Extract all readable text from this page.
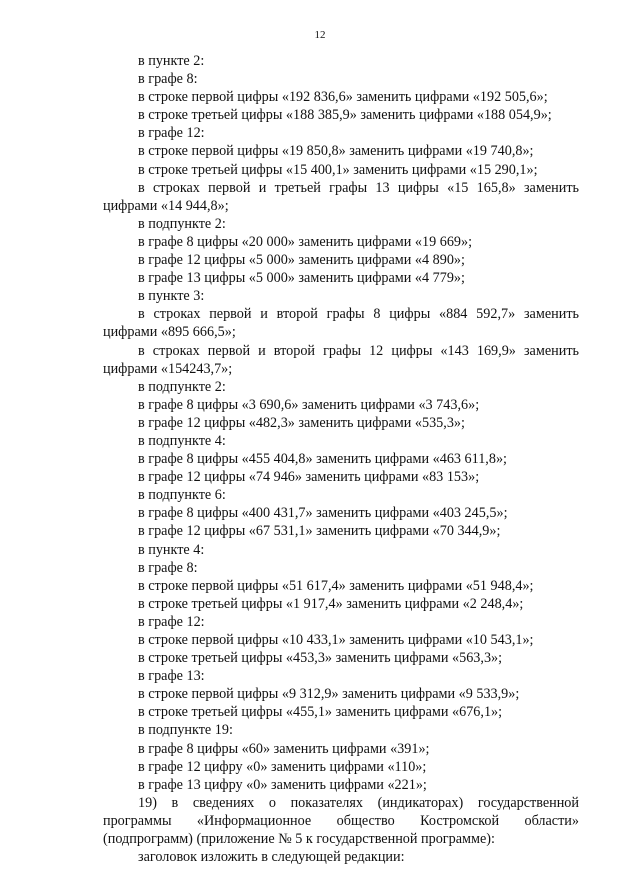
12
в пункте 2:
в графе 8:
в строке первой цифры «192 836,6» заменить цифрами «192 505,6»;
в строке третьей цифры «188 385,9» заменить цифрами «188 054,9»;
в графе 12:
в строке первой цифры «19 850,8» заменить цифрами «19 740,8»;
в строке третьей цифры «15 400,1» заменить цифрами «15 290,1»;
в строках первой и третьей графы 13 цифры «15 165,8» заменить цифрами «14 944,8»;
в подпункте 2:
в графе 8 цифры «20 000» заменить цифрами «19 669»;
в графе 12 цифры «5 000» заменить цифрами «4 890»;
в графе 13 цифры «5 000» заменить цифрами «4 779»;
в пункте 3:
в строках первой и второй графы 8 цифры «884 592,7» заменить цифрами «895 666,5»;
в строках первой и второй графы 12 цифры «143 169,9» заменить цифрами «154243,7»;
в подпункте 2:
в графе 8 цифры «3 690,6» заменить цифрами «3 743,6»;
в графе 12 цифры «482,3» заменить цифрами «535,3»;
в подпункте 4:
в графе 8 цифры «455 404,8» заменить цифрами «463 611,8»;
в графе 12 цифры «74 946» заменить цифрами «83 153»;
в подпункте 6:
в графе 8 цифры «400 431,7» заменить цифрами «403 245,5»;
в графе 12 цифры «67 531,1» заменить цифрами «70 344,9»;
в пункте 4:
в графе 8:
в строке первой цифры «51 617,4» заменить цифрами «51 948,4»;
в строке третьей цифры «1 917,4» заменить цифрами «2 248,4»;
в графе 12:
в строке первой цифры «10 433,1» заменить цифрами «10 543,1»;
в строке третьей цифры «453,3» заменить цифрами «563,3»;
в графе 13:
в строке первой цифры «9 312,9» заменить цифрами «9 533,9»;
в строке третьей цифры «455,1» заменить цифрами «676,1»;
в подпункте 19:
в графе 8 цифры «60» заменить цифрами «391»;
в графе 12 цифру «0» заменить цифрами «110»;
в графе 13 цифру «0» заменить цифрами «221»;
19) в сведениях о показателях (индикаторах) государственной программы «Информационное общество Костромской области» (подпрограмм) (приложение № 5 к государственной программе):
заголовок изложить в следующей редакции:
